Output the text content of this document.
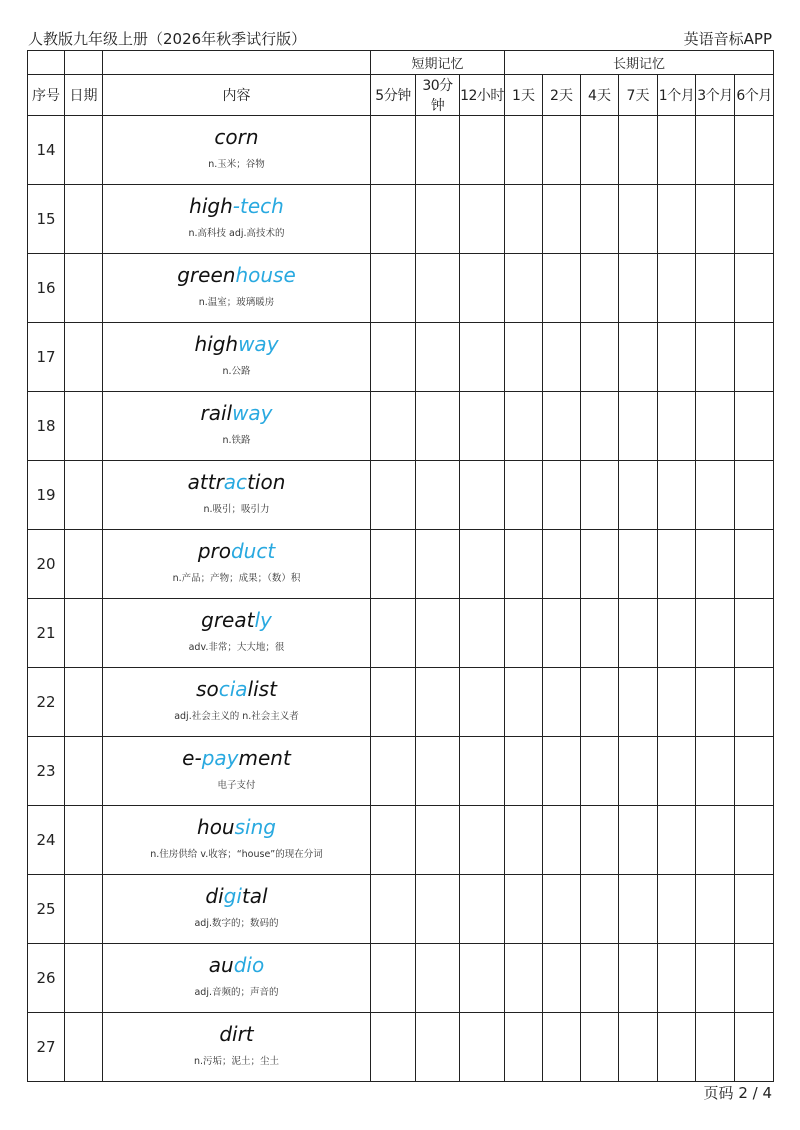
人教版九年级上册（2026年秋季试行版）	英语音标APP
			短期记忆			长期记忆						
序号	日期	内容	5分钟	30分钟	12小时	1天	2天	4天	7天	1个月	3个月	6个月
14		corn
n.玉米；谷物										

15		high-tech
n.高科技 adj.高技术的										

16		greenhouse
n.温室；玻璃暖房										

17		highway
n.公路										

18		railway
n.铁路										

19		attraction
n.吸引；吸引力										

20		product
n.产品；产物；成果；（数）积										

21		greatly
adv.非常；大大地；很										

22		socialist
adj.社会主义的 n.社会主义者										

23		e-payment
电子支付										

24		housing
n.住房供给 v.收容；“house”的现在分词										

25		digital
adj.数字的；数码的										

26		audio
adj.音频的；声音的										

27		dirt
n.污垢；泥土；尘土										

页码 2 / 4
